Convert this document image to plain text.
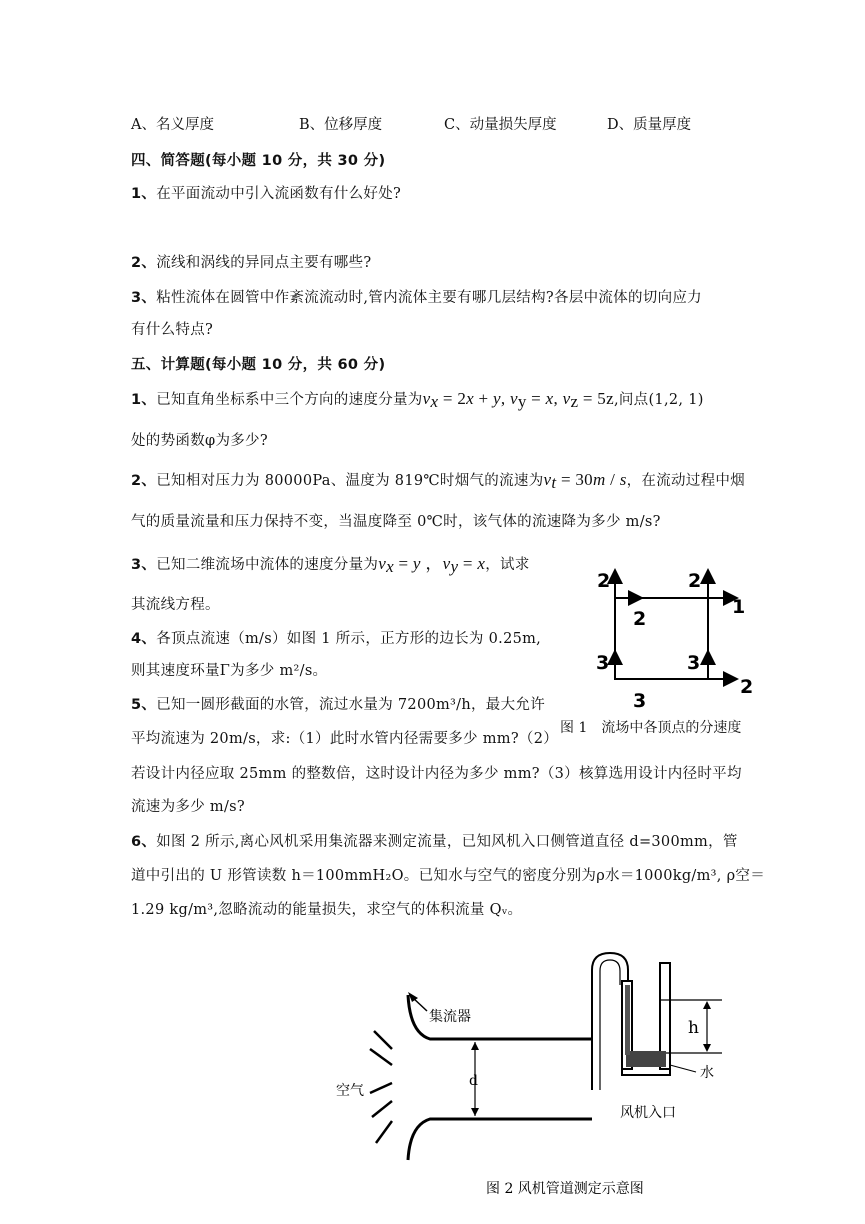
A、名义厚度	B、位移厚度	C、动量损失厚度	D、质量厚度
四、简答题(每小题 10 分，共 30 分)
1、在平面流动中引入流函数有什么好处?
2、流线和涡线的异同点主要有哪些?
3、粘性流体在圆管中作紊流流动时,管内流体主要有哪几层结构?各层中流体的切向应力
有什么特点?
五、计算题(每小题 10 分，共 60 分)
1、已知直角坐标系中三个方向的速度分量为$v_x = 2x + y$, $v_y = x$, $v_z = 5z$,问点(1,2, 1)
处的势函数φ为多少?
2、已知相对压力为 80000Pa、温度为 819℃时烟气的流速为$v_t = 30m / s$，在流动过程中烟
气的质量流量和压力保持不变，当温度降至 0℃时，该气体的流速降为多少 m/s?
3、已知二维流场中流体的速度分量为$v_x = y$ ，$v_y = x$，试求
其流线方程。
4、各顶点流速（m/s）如图 1 所示，正方形的边长为 0.25m,
则其速度环量Γ为多少 m²/s。
5、已知一圆形截面的水管，流过水量为 7200m³/h，最大允许
平均流速为 20m/s，求:（1）此时水管内径需要多少 mm?（2）
若设计内径应取 25mm 的整数倍，这时设计内径为多少 mm?（3）核算选用设计内径时平均
流速为多少 m/s?
6、如图 2 所示,离心风机采用集流器来测定流量，已知风机入口侧管道直径 d=300mm，管
道中引出的 U 形管读数 h＝100mmH₂O。已知水与空气的密度分别为ρ水＝1000kg/m³, ρ空＝
1.29 kg/m³,忽略流动的能量损失，求空气的体积流量 Qᵥ。
2	2
2
1
3	3
3
2
图 1　流场中各顶点的分速度
集流器
空气
d
h
水
风机入口
图 2 风机管道测定示意图
